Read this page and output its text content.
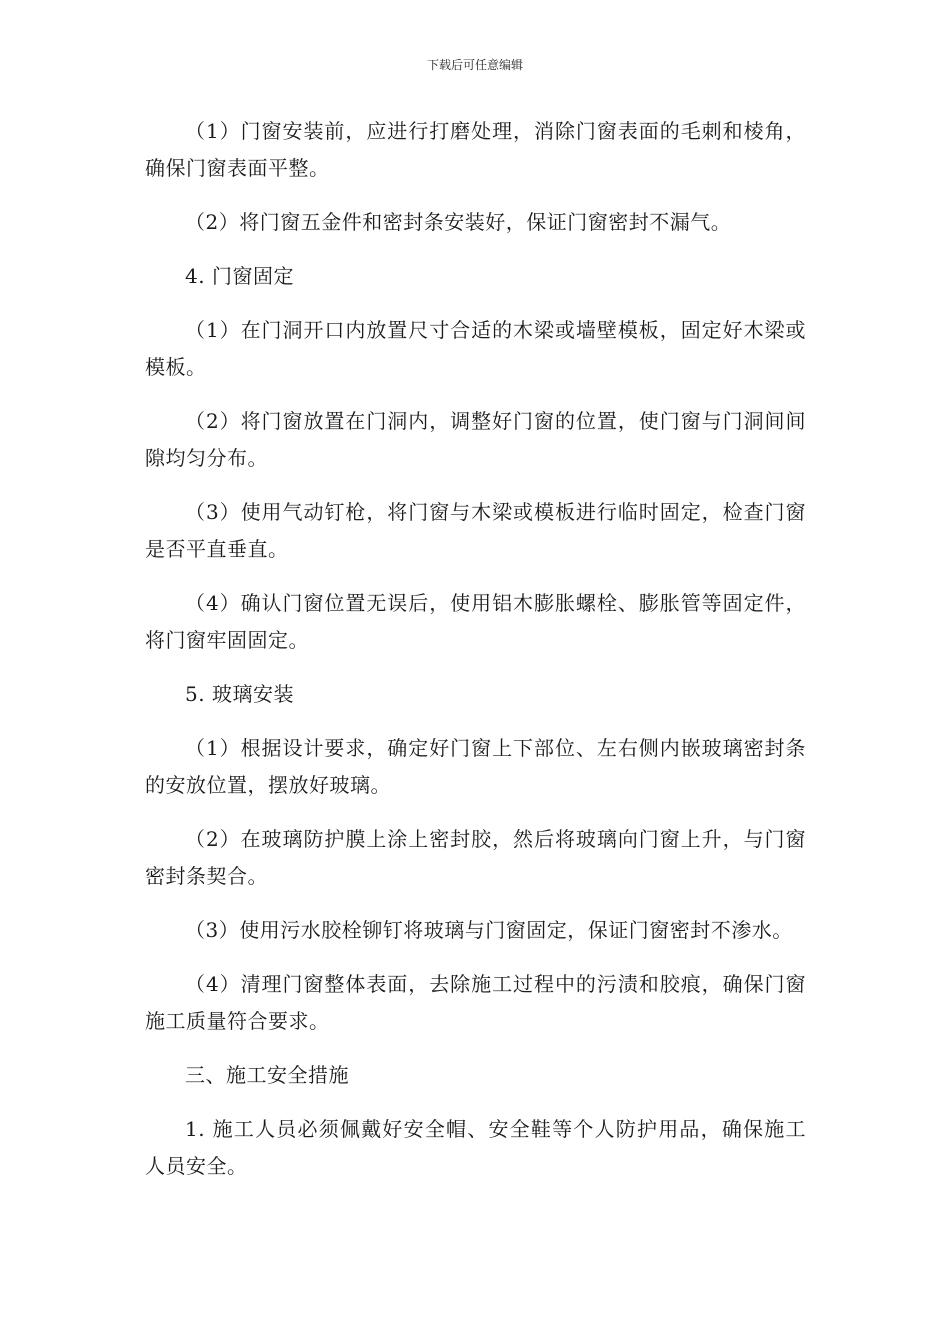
下载后可任意编辑

（1）门窗安装前，应进行打磨处理，消除门窗表面的毛刺和棱角，确保门窗表面平整。

（2）将门窗五金件和密封条安装好，保证门窗密封不漏气。

4. 门窗固定

（1）在门洞开口内放置尺寸合适的木梁或墙壁模板，固定好木梁或模板。

（2）将门窗放置在门洞内，调整好门窗的位置，使门窗与门洞间间隙均匀分布。

（3）使用气动钉枪，将门窗与木梁或模板进行临时固定，检查门窗是否平直垂直。

（4）确认门窗位置无误后，使用铝木膨胀螺栓、膨胀管等固定件，将门窗牢固固定。

5. 玻璃安装

（1）根据设计要求，确定好门窗上下部位、左右侧内嵌玻璃密封条的安放位置，摆放好玻璃。

（2）在玻璃防护膜上涂上密封胶，然后将玻璃向门窗上升，与门窗密封条契合。

（3）使用污水胶栓铆钉将玻璃与门窗固定，保证门窗密封不渗水。

（4）清理门窗整体表面，去除施工过程中的污渍和胶痕，确保门窗施工质量符合要求。

三、施工安全措施

1. 施工人员必须佩戴好安全帽、安全鞋等个人防护用品，确保施工人员安全。
